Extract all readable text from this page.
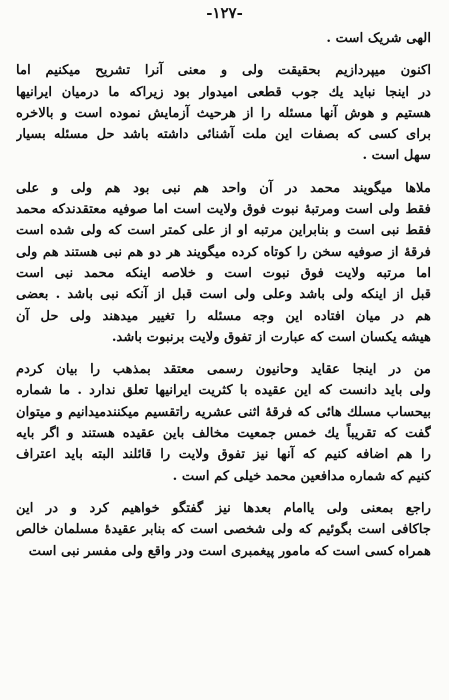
-۱۲۷-
الهی شریک است .
اکنون میپردازیم بحقیقت ولی و معنی آنرا تشریح میکنیم اما
در اینجا نباید یك جوب قطعی امیدوار بود زیراکه ما درمیان ایرانیها
هستیم و هوش آنها مسئله را از هرحیث آزمایش نموده است و بالاخره
برای کسی که بصفات این ملت آشنائی داشته باشد حل مسئله بسیار
سهل است .
ملاها میگویند محمد در آن واحد هم نبی بود هم ولی و علی
فقط ولی است ومرتبهٔ نبوت فوق ولایت است اما صوفیه معتقدندکه محمد
فقط نبی است و بنابراین مرتبه او از علی کمتر است که ولی شده است
فرقهٔ از صوفیه سخن را کوتاه کرده میگویند هر دو هم نبی هستند هم ولی
اما مرتبه ولایت فوق نبوت است و خلاصه اینکه محمد نبی است
قبل از اینکه ولی باشد وعلی ولی است قبل از آنکه نبی باشد . بعضی
هم در میان افتاده این وجه مسئله را تغییر میدهند ولی حل آن
هیشه یکسان است که عبارت از تفوق ولایت برنبوت باشد.
من در اینجا عقاید وحانیون رسمی معتقد بمذهب را بیان کردم
ولی باید دانست که این عقیده با کثریت ایرانیها تعلق ندارد . ما شماره
بیحساب مسلك هائی که فرقهٔ اثنی عشریه راتقسیم میکنندمیدانیم و میتوان
گفت که تقریباً یك خمس جمعیت مخالف باین عقیده هستند و اگر بایه
را هم اضافه کنیم که آنها نیز تفوق ولایت را قائلند البته باید اعتراف
کنیم که شماره مدافعین محمد خیلی کم است .
راجع بمعنی ولی یاامام بعدها نیز گفتگو خواهیم کرد و در این
جاکافی است بگوئیم که ولی شخصی است که بنابر عقیدهٔ مسلمان خالص
همراه کسی است که مامور پیغمبری است ودر واقع ولی مفسر نبی است
